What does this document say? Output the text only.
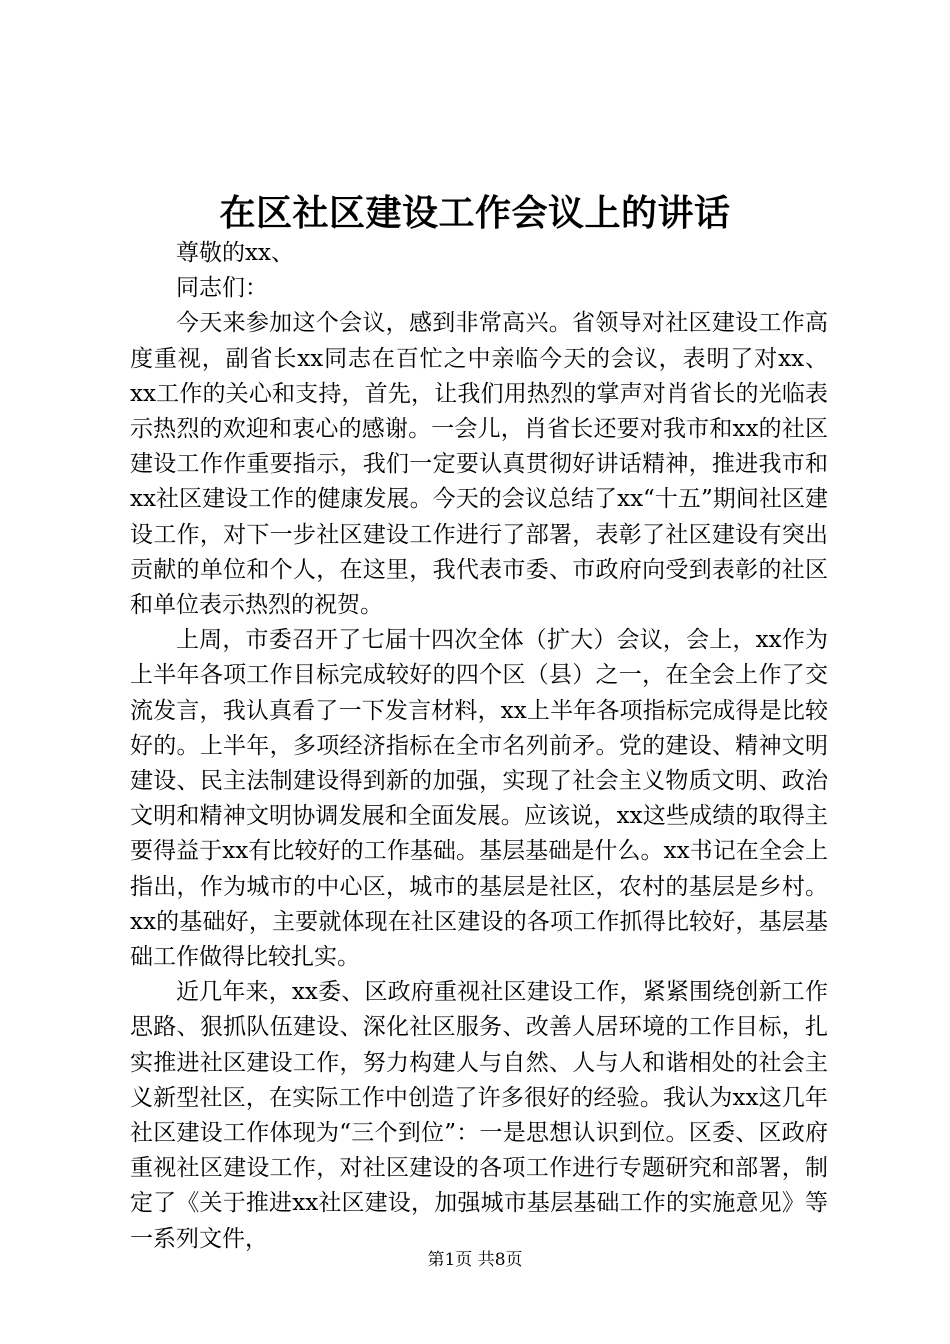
在区社区建设工作会议上的讲话

尊敬的xx、

同志们：

今天来参加这个会议，感到非常高兴。省领导对社区建设工作高度重视，副省长xx同志在百忙之中亲临今天的会议，表明了对xx、xx工作的关心和支持，首先，让我们用热烈的掌声对肖省长的光临表示热烈的欢迎和衷心的感谢。一会儿，肖省长还要对我市和xx的社区建设工作作重要指示，我们一定要认真贯彻好讲话精神，推进我市和xx社区建设工作的健康发展。今天的会议总结了xx“十五”期间社区建设工作，对下一步社区建设工作进行了部署，表彰了社区建设有突出贡献的单位和个人，在这里，我代表市委、市政府向受到表彰的社区和单位表示热烈的祝贺。

上周，市委召开了七届十四次全体（扩大）会议，会上，xx作为上半年各项工作目标完成较好的四个区（县）之一，在全会上作了交流发言，我认真看了一下发言材料，xx上半年各项指标完成得是比较好的。上半年，多项经济指标在全市名列前矛。党的建设、精神文明建设、民主法制建设得到新的加强，实现了社会主义物质文明、政治文明和精神文明协调发展和全面发展。应该说，xx这些成绩的取得主要得益于xx有比较好的工作基础。基层基础是什么。xx书记在全会上指出，作为城市的中心区，城市的基层是社区，农村的基层是乡村。xx的基础好，主要就体现在社区建设的各项工作抓得比较好，基层基础工作做得比较扎实。

近几年来，xx委、区政府重视社区建设工作，紧紧围绕创新工作思路、狠抓队伍建设、深化社区服务、改善人居环境的工作目标，扎实推进社区建设工作，努力构建人与自然、人与人和谐相处的社会主义新型社区，在实际工作中创造了许多很好的经验。我认为xx这几年社区建设工作体现为“三个到位”：一是思想认识到位。区委、区政府重视社区建设工作，对社区建设的各项工作进行专题研究和部署，制定了《关于推进xx社区建设，加强城市基层基础工作的实施意见》等一系列文件，

第1页 共8页
